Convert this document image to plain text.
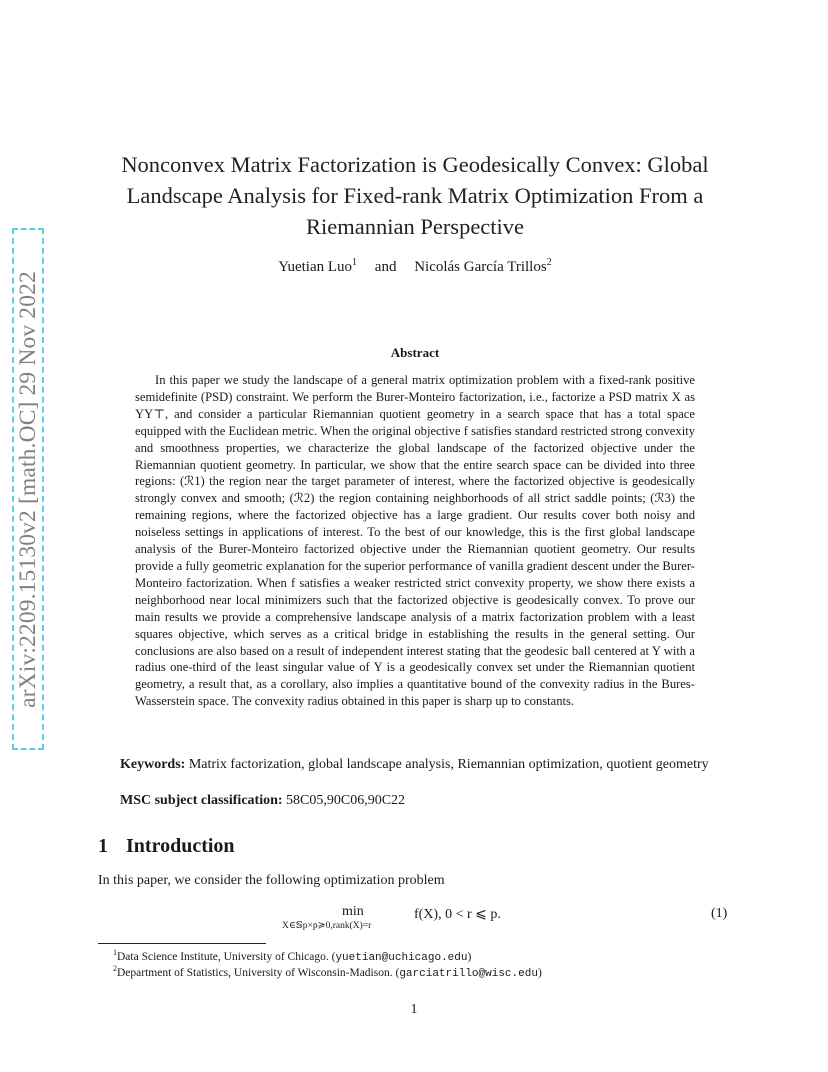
arXiv:2209.15130v2 [math.OC] 29 Nov 2022
Nonconvex Matrix Factorization is Geodesically Convex: Global Landscape Analysis for Fixed-rank Matrix Optimization From a Riemannian Perspective
Yuetian Luo$^1$ and Nicolás García Trillos$^2$
Abstract
In this paper we study the landscape of a general matrix optimization problem with a fixed-rank positive semidefinite (PSD) constraint. We perform the Burer-Monteiro factorization, i.e., factorize a PSD matrix X as YY⊤, and consider a particular Riemannian quotient geometry in a search space that has a total space equipped with the Euclidean metric. When the original objective f satisfies standard restricted strong convexity and smoothness properties, we characterize the global landscape of the factorized objective under the Riemannian quotient geometry. In particular, we show that the entire search space can be divided into three regions: (ℛ1) the region near the target parameter of interest, where the factorized objective is geodesically strongly convex and smooth; (ℛ2) the region containing neighborhoods of all strict saddle points; (ℛ3) the remaining regions, where the factorized objective has a large gradient. Our results cover both noisy and noiseless settings in applications of interest. To the best of our knowledge, this is the first global landscape analysis of the Burer-Monteiro factorized objective under the Riemannian quotient geometry. Our results provide a fully geometric explanation for the superior performance of vanilla gradient descent under the Burer-Monteiro factorization. When f satisfies a weaker restricted strict convexity property, we show there exists a neighborhood near local minimizers such that the factorized objective is geodesically convex. To prove our main results we provide a comprehensive landscape analysis of a matrix factorization problem with a least squares objective, which serves as a critical bridge in establishing the results in the general setting. Our conclusions are also based on a result of independent interest stating that the geodesic ball centered at Y with a radius one-third of the least singular value of Y is a geodesically convex set under the Riemannian quotient geometry, a result that, as a corollary, also implies a quantitative bound of the convexity radius in the Bures-Wasserstein space. The convexity radius obtained in this paper is sharp up to constants.
Keywords: Matrix factorization, global landscape analysis, Riemannian optimization, quotient geometry
MSC subject classification: 58C05,90C06,90C22
1 Introduction
In this paper, we consider the following optimization problem
min
X∈𝕊p×p≽0,rank(X)=r
f(X), 0 < r ⩽ p.	(1)
$^1$Data Science Institute, University of Chicago. (yuetian@uchicago.edu)
$^2$Department of Statistics, University of Wisconsin-Madison. (garciatrillo@wisc.edu)
1
